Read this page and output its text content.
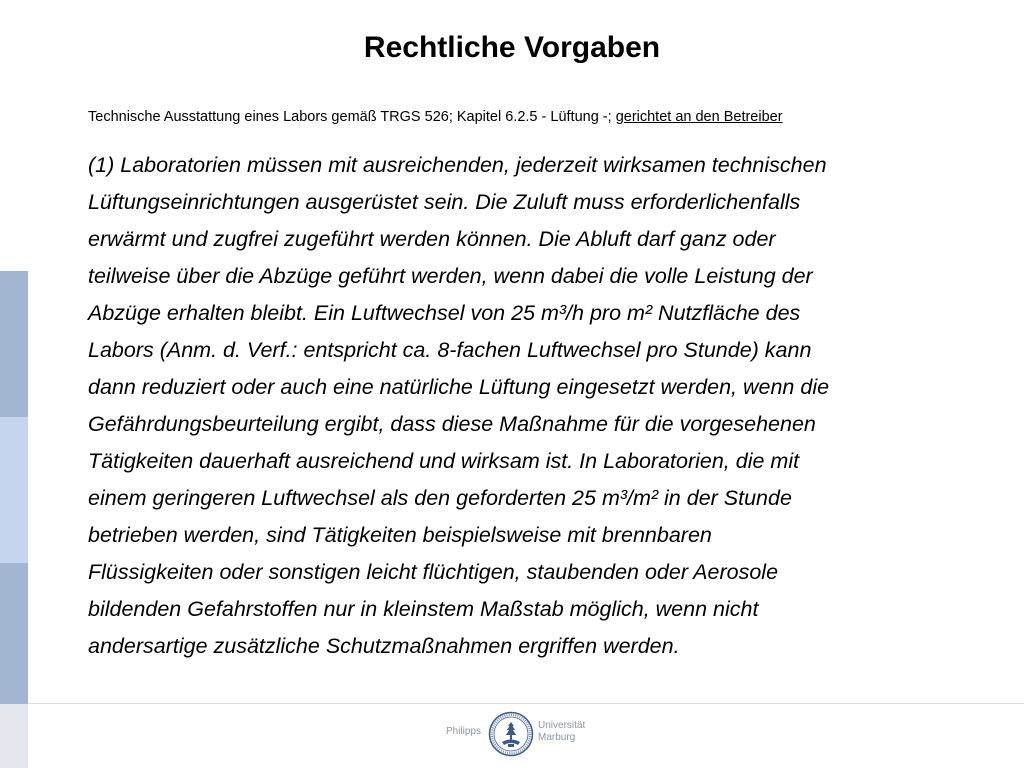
Rechtliche Vorgaben
Technische Ausstattung eines Labors gemäß TRGS 526; Kapitel 6.2.5 - Lüftung -; gerichtet an den Betreiber
(1) Laboratorien müssen mit ausreichenden, jederzeit wirksamen technischen
Lüftungseinrichtungen ausgerüstet sein. Die Zuluft muss erforderlichenfalls
erwärmt und zugfrei zugeführt werden können. Die Abluft darf ganz oder
teilweise über die Abzüge geführt werden, wenn dabei die volle Leistung der
Abzüge erhalten bleibt. Ein Luftwechsel von 25 m³/h pro m² Nutzfläche des
Labors (Anm. d. Verf.: entspricht ca. 8-fachen Luftwechsel pro Stunde) kann
dann reduziert oder auch eine natürliche Lüftung eingesetzt werden, wenn die
Gefährdungsbeurteilung ergibt, dass diese Maßnahme für die vorgesehenen
Tätigkeiten dauerhaft ausreichend und wirksam ist. In Laboratorien, die mit
einem geringeren Luftwechsel als den geforderten 25 m³/m² in der Stunde
betrieben werden, sind Tätigkeiten beispielsweise mit brennbaren
Flüssigkeiten oder sonstigen leicht flüchtigen, staubenden oder Aerosole
bildenden Gefahrstoffen nur in kleinstem Maßstab möglich, wenn nicht
andersartige zusätzliche Schutzmaßnahmen ergriffen werden.
Philipps
Universität
Marburg
